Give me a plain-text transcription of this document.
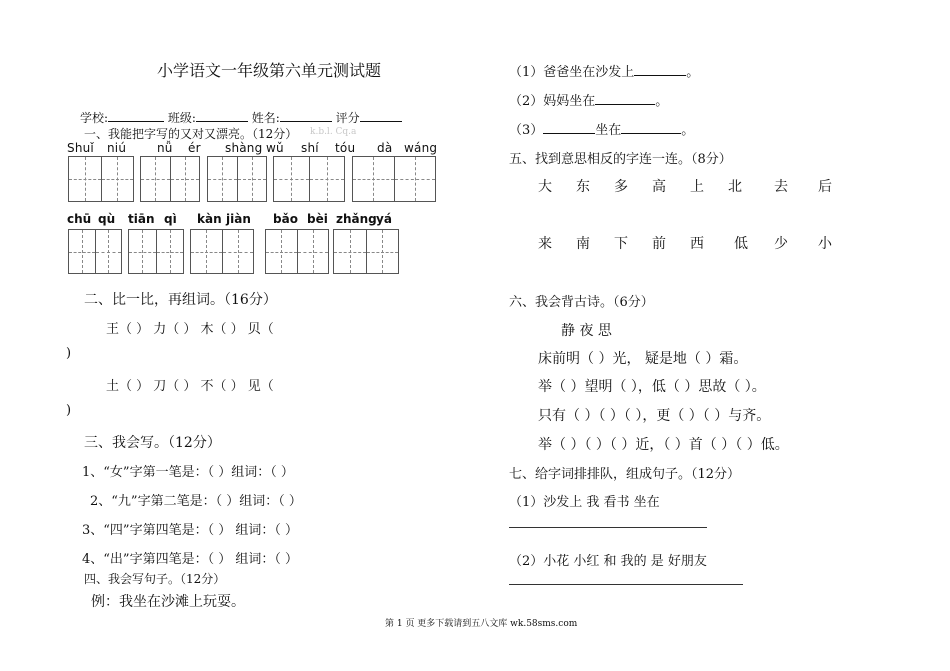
小学语文一年级第六单元测试题
学校:	班级:	姓名:	评分
一、我能把字写的又对又漂亮。（12分） k.b.l. Cq.a
Shuǐ niú	nǚ ér shàng wǔ shí tóu dà wáng
chū qù tiān qì kàn jiàn bǎo bèi zhǎng yá
二、比一比，再组词。（16分）
王（ ） 力（ ） 木（ ） 贝（
)
土（ ） 刀（ ） 不（ ） 见（
)
三、我会写。（12分）
1、“女”字第一笔是：（ ）组词：（ ）
2、“九”字第二笔是：（ ）组词：（ ）
3、“四”字第四笔是：（ ） 组词：（ ）
4、“出”字第四笔是：（ ） 组词：（ ）
四、我会写句子。（12分）
例：我坐在沙滩上玩耍。
（1）爸爸坐在沙发上	。
（2）妈妈坐在	。
（3）	坐在	。
五、找到意思相反的字连一连。（8分）
大 东 多 高 上 北 去 后
来 南 下 前 西 低 少 小
六、我会背古诗。（6分）
静 夜 思
床前明（ ）光， 疑是地（ ）霜。
举（ ）望明（ ），低（ ）思故（ ）。
只有（ ）（ ）（ ），更（ ）（ ）与齐。
举（ ）（ ）（ ）近，（ ）首（ ）（ ）低。
七、给字词排排队，组成句子。（12分）
（1）沙发上 我 看书 坐在
（2）小花 小红 和 我的 是 好朋友
第 1 页 更多下载请到五八文库 wk.58sms.com
